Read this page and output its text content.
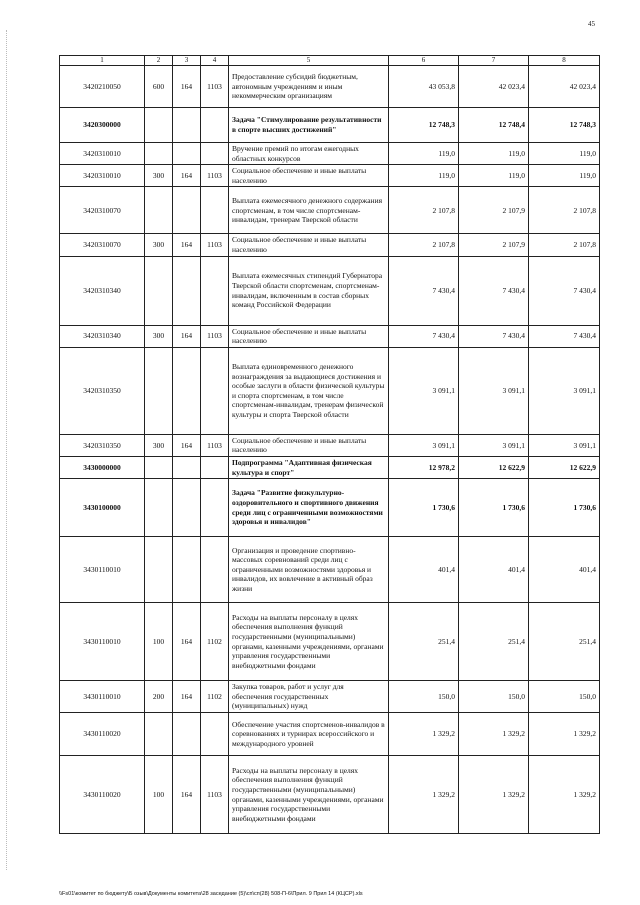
45
1	2	3	4	5	6	7	8
3420210050	600	164	1103	Предоставление субсидий бюджетным, автономным учреждениям и иным некоммерческим организациям	43 053,8	42 023,4	42 023,4
3420300000				Задача "Стимулирование результативности в спорте высших достижений"	12 748,3	12 748,4	12 748,3
3420310010				Вручение премий по итогам ежегодных областных конкурсов	119,0	119,0	119,0
3420310010	300	164	1103	Социальное обеспечение и иные выплаты населению	119,0	119,0	119,0
3420310070				Выплата ежемесячного денежного содержания спортсменам, в том числе спортсменам-инвалидам, тренерам Тверской области	2 107,8	2 107,9	2 107,8
3420310070	300	164	1103	Социальное обеспечение и иные выплаты населению	2 107,8	2 107,9	2 107,8
3420310340				Выплата ежемесячных стипендий Губернатора Тверской области спортсменам, спортсменам-инвалидам, включенным в состав сборных команд Российской Федерации	7 430,4	7 430,4	7 430,4
3420310340	300	164	1103	Социальное обеспечение и иные выплаты населению	7 430,4	7 430,4	7 430,4
3420310350				Выплата единовременного денежного вознаграждения за выдающиеся достижения и особые заслуги в области физической культуры и спорта спортсменам, в том числе спортсменам-инвалидам, тренерам физической культуры и спорта Тверской области	3 091,1	3 091,1	3 091,1
3420310350	300	164	1103	Социальное обеспечение и иные выплаты населению	3 091,1	3 091,1	3 091,1
3430000000				Подпрограмма "Адаптивная физическая культура и спорт"	12 978,2	12 622,9	12 622,9
3430100000				Задача "Развитие физкультурно-оздоровительного и спортивного движения среди лиц с ограниченными возможностями здоровья и инвалидов"	1 730,6	1 730,6	1 730,6
3430110010				Организация и проведение спортивно-массовых соревнований среди лиц с ограниченными возможностями здоровья и инвалидов, их вовлечение в активный образ жизни	401,4	401,4	401,4
3430110010	100	164	1102	Расходы на выплаты персоналу в целях обеспечения выполнения функций государственными (муниципальными) органами, казенными учреждениями, органами управления государственными внебюджетными фондами	251,4	251,4	251,4
3430110010	200	164	1102	Закупка товаров, работ и услуг для обеспечения государственных (муниципальных) нужд	150,0	150,0	150,0
3430110020				Обеспечение участия спортсменов-инвалидов в соревнованиях и турнирах всероссийского и международного уровней	1 329,2	1 329,2	1 329,2
3430110020	100	164	1103	Расходы на выплаты персоналу в целях обеспечения выполнения функций государственными (муниципальными) органами, казенными учреждениями, органами управления государственными внебюджетными фондами	1 329,2	1 329,2	1 329,2
\\Fs01\комитет по бюджету\Б озыв\Документы комитета\28 заседание (5)\сп\сп(28) 508-П-6\Прил. 9 Прил 14 (КЦСР).xls
